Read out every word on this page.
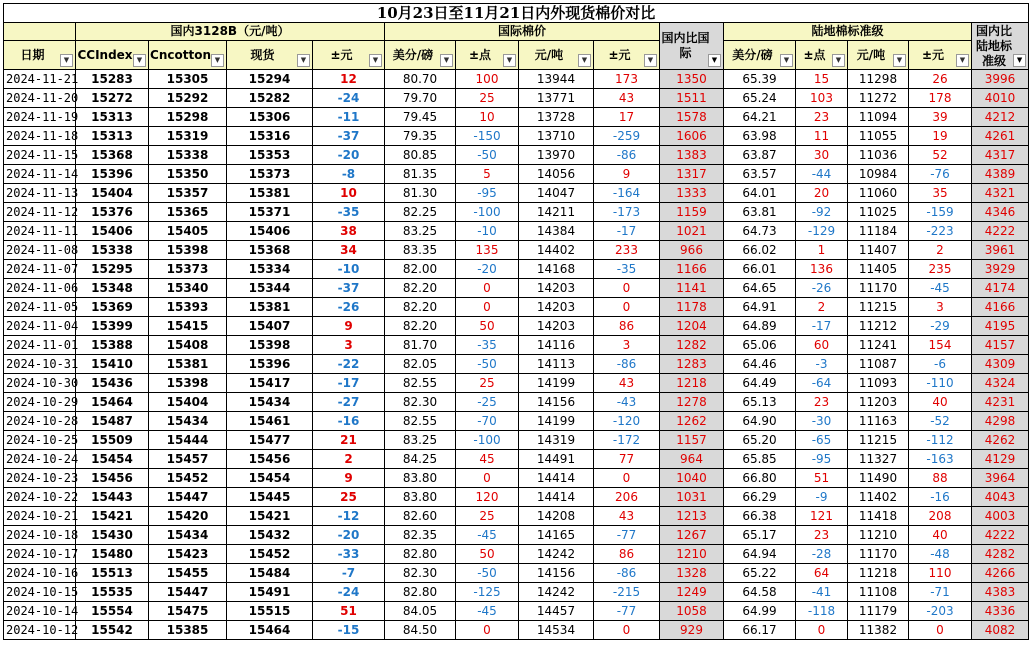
10月23日至11月21日内外现货棉价对比														
	国内3128B（元/吨）				国际棉价				国内比国际 ▼	陆地棉标准级				国内比陆地标准级 ▼

日期 ▼	CCIndex ▼	Cncotton ▼	现货 ▼	±元 ▼	美分/磅 ▼	±点 ▼	元/吨 ▼	±元 ▼		美分/磅 ▼	±点 ▼	元/吨 ▼	±元 ▼	

2024-11-21	15283	15305	15294	12	80.70	100	13944	173	1350	65.39	15	11298	26	3996
2024-11-20	15272	15292	15282	-24	79.70	25	13771	43	1511	65.24	103	11272	178	4010
2024-11-19	15313	15298	15306	-11	79.45	10	13728	17	1578	64.21	23	11094	39	4212
2024-11-18	15313	15319	15316	-37	79.35	-150	13710	-259	1606	63.98	11	11055	19	4261
2024-11-15	15368	15338	15353	-20	80.85	-50	13970	-86	1383	63.87	30	11036	52	4317
2024-11-14	15396	15350	15373	-8	81.35	5	14056	9	1317	63.57	-44	10984	-76	4389
2024-11-13	15404	15357	15381	10	81.30	-95	14047	-164	1333	64.01	20	11060	35	4321
2024-11-12	15376	15365	15371	-35	82.25	-100	14211	-173	1159	63.81	-92	11025	-159	4346
2024-11-11	15406	15405	15406	38	83.25	-10	14384	-17	1021	64.73	-129	11184	-223	4222
2024-11-08	15338	15398	15368	34	83.35	135	14402	233	966	66.02	1	11407	2	3961
2024-11-07	15295	15373	15334	-10	82.00	-20	14168	-35	1166	66.01	136	11405	235	3929
2024-11-06	15348	15340	15344	-37	82.20	0	14203	0	1141	64.65	-26	11170	-45	4174
2024-11-05	15369	15393	15381	-26	82.20	0	14203	0	1178	64.91	2	11215	3	4166
2024-11-04	15399	15415	15407	9	82.20	50	14203	86	1204	64.89	-17	11212	-29	4195
2024-11-01	15388	15408	15398	3	81.70	-35	14116	3	1282	65.06	60	11241	154	4157
2024-10-31	15410	15381	15396	-22	82.05	-50	14113	-86	1283	64.46	-3	11087	-6	4309
2024-10-30	15436	15398	15417	-17	82.55	25	14199	43	1218	64.49	-64	11093	-110	4324
2024-10-29	15464	15404	15434	-27	82.30	-25	14156	-43	1278	65.13	23	11203	40	4231
2024-10-28	15487	15434	15461	-16	82.55	-70	14199	-120	1262	64.90	-30	11163	-52	4298
2024-10-25	15509	15444	15477	21	83.25	-100	14319	-172	1157	65.20	-65	11215	-112	4262
2024-10-24	15454	15457	15456	2	84.25	45	14491	77	964	65.85	-95	11327	-163	4129
2024-10-23	15456	15452	15454	9	83.80	0	14414	0	1040	66.80	51	11490	88	3964
2024-10-22	15443	15447	15445	25	83.80	120	14414	206	1031	66.29	-9	11402	-16	4043
2024-10-21	15421	15420	15421	-12	82.60	25	14208	43	1213	66.38	121	11418	208	4003
2024-10-18	15430	15434	15432	-20	82.35	-45	14165	-77	1267	65.17	23	11210	40	4222
2024-10-17	15480	15423	15452	-33	82.80	50	14242	86	1210	64.94	-28	11170	-48	4282
2024-10-16	15513	15455	15484	-7	82.30	-50	14156	-86	1328	65.22	64	11218	110	4266
2024-10-15	15535	15447	15491	-24	82.80	-125	14242	-215	1249	64.58	-41	11108	-71	4383
2024-10-14	15554	15475	15515	51	84.05	-45	14457	-77	1058	64.99	-118	11179	-203	4336
2024-10-12	15542	15385	15464	-15	84.50	0	14534	0	929	66.17	0	11382	0	4082
